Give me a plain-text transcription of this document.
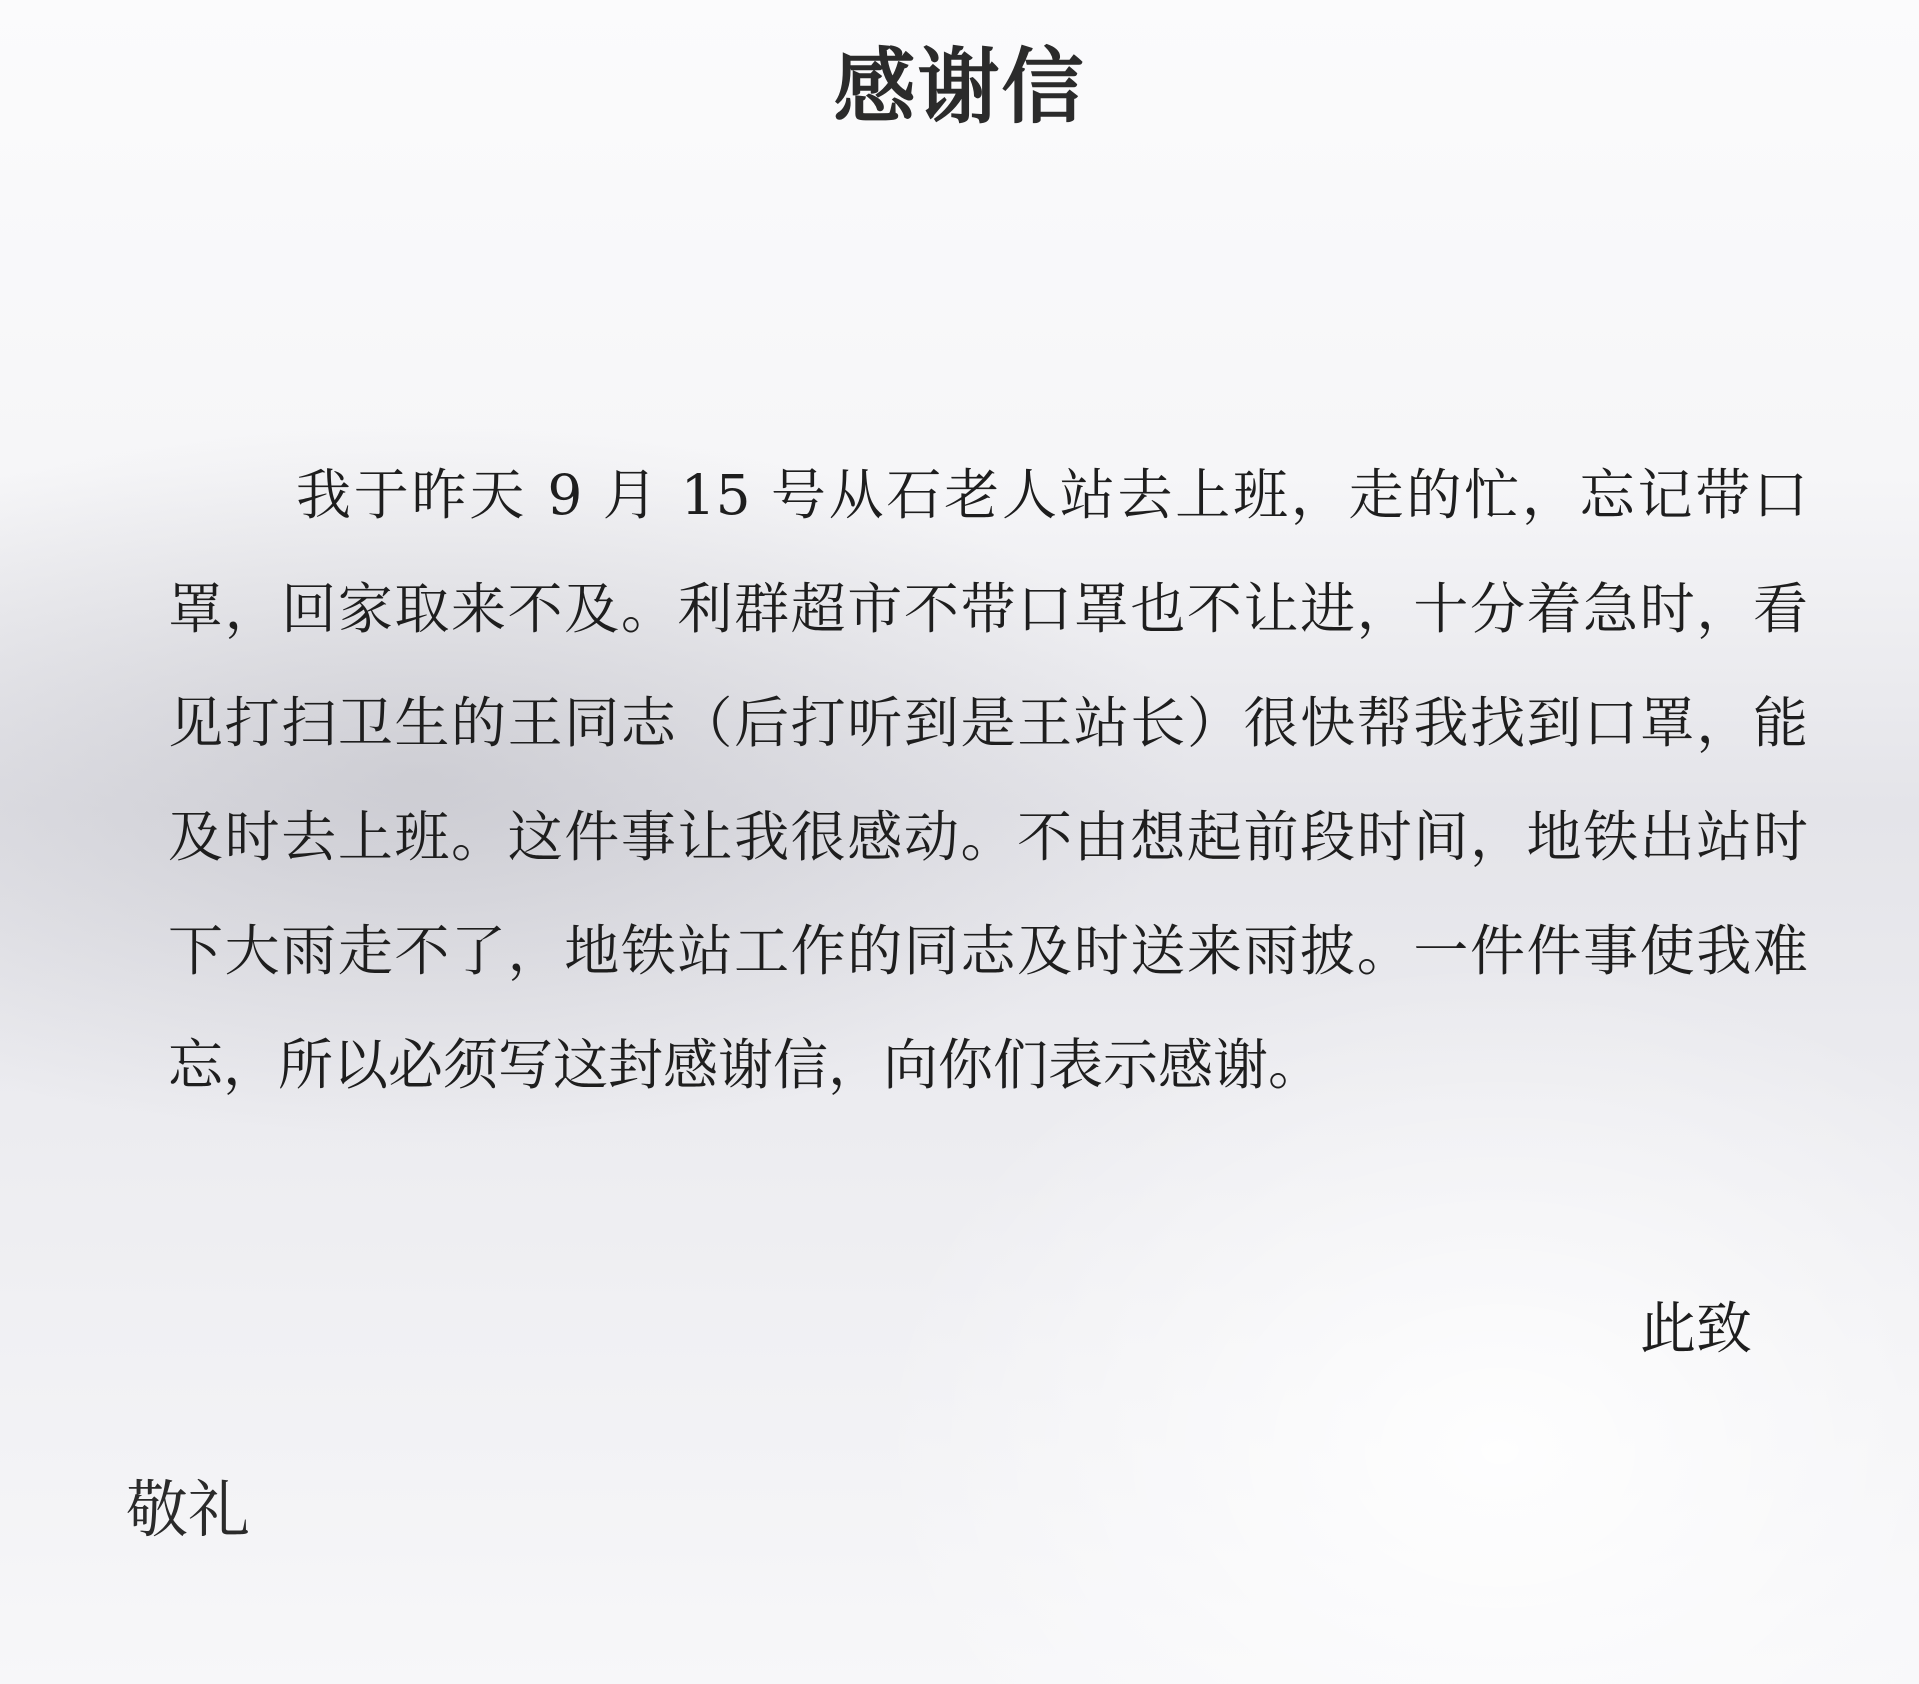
感谢信

我于昨天 9 月 15 号从石老人站去上班，走的忙，忘记带口罩，回家取来不及。利群超市不带口罩也不让进，十分着急时，看见打扫卫生的王同志（后打听到是王站长）很快帮我找到口罩，能及时去上班。这件事让我很感动。不由想起前段时间，地铁出站时下大雨走不了，地铁站工作的同志及时送来雨披。一件件事使我难忘，所以必须写这封感谢信，向你们表示感谢。

此致
敬礼
